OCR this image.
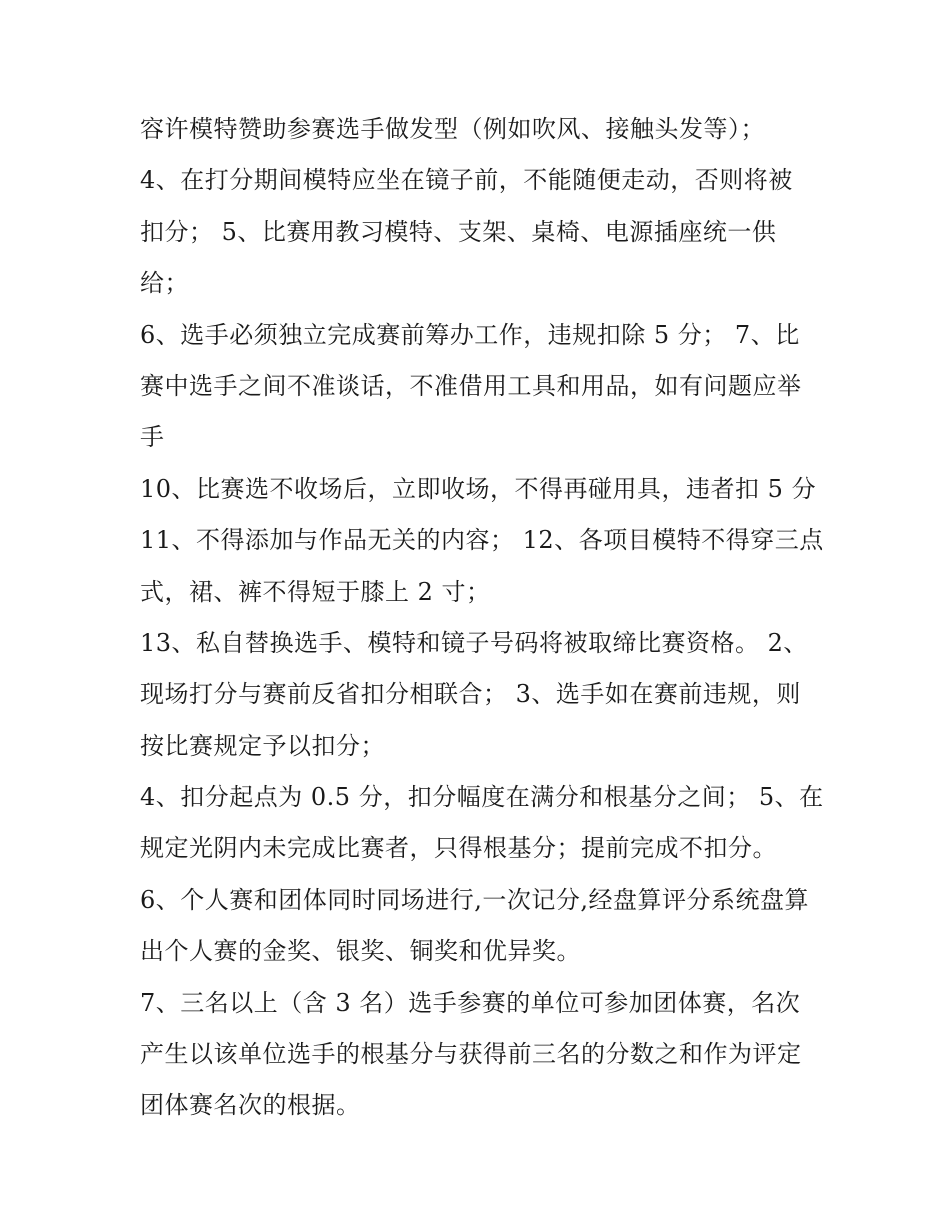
容许模特赞助参赛选手做发型（例如吹风、接触头发等）；
4、在打分期间模特应坐在镜子前，不能随便走动，否则将被
扣分； 5、比赛用教习模特、支架、桌椅、电源插座统一供
给；
6、选手必须独立完成赛前筹办工作，违规扣除 5 分； 7、比
赛中选手之间不准谈话，不准借用工具和用品，如有问题应举
手
10、比赛选不收场后，立即收场，不得再碰用具，违者扣 5 分
11、不得添加与作品无关的内容； 12、各项目模特不得穿三点
式，裙、裤不得短于膝上 2 寸；
13、私自替换选手、模特和镜子号码将被取缔比赛资格。 2、
现场打分与赛前反省扣分相联合； 3、选手如在赛前违规，则
按比赛规定予以扣分；
4、扣分起点为 0.5 分，扣分幅度在满分和根基分之间； 5、在
规定光阴内未完成比赛者，只得根基分；提前完成不扣分。
6、个人赛和团体同时同场进行,一次记分,经盘算评分系统盘算
出个人赛的金奖、银奖、铜奖和优异奖。
7、三名以上（含 3 名）选手参赛的单位可参加团体赛，名次
产生以该单位选手的根基分与获得前三名的分数之和作为评定
团体赛名次的根据。
